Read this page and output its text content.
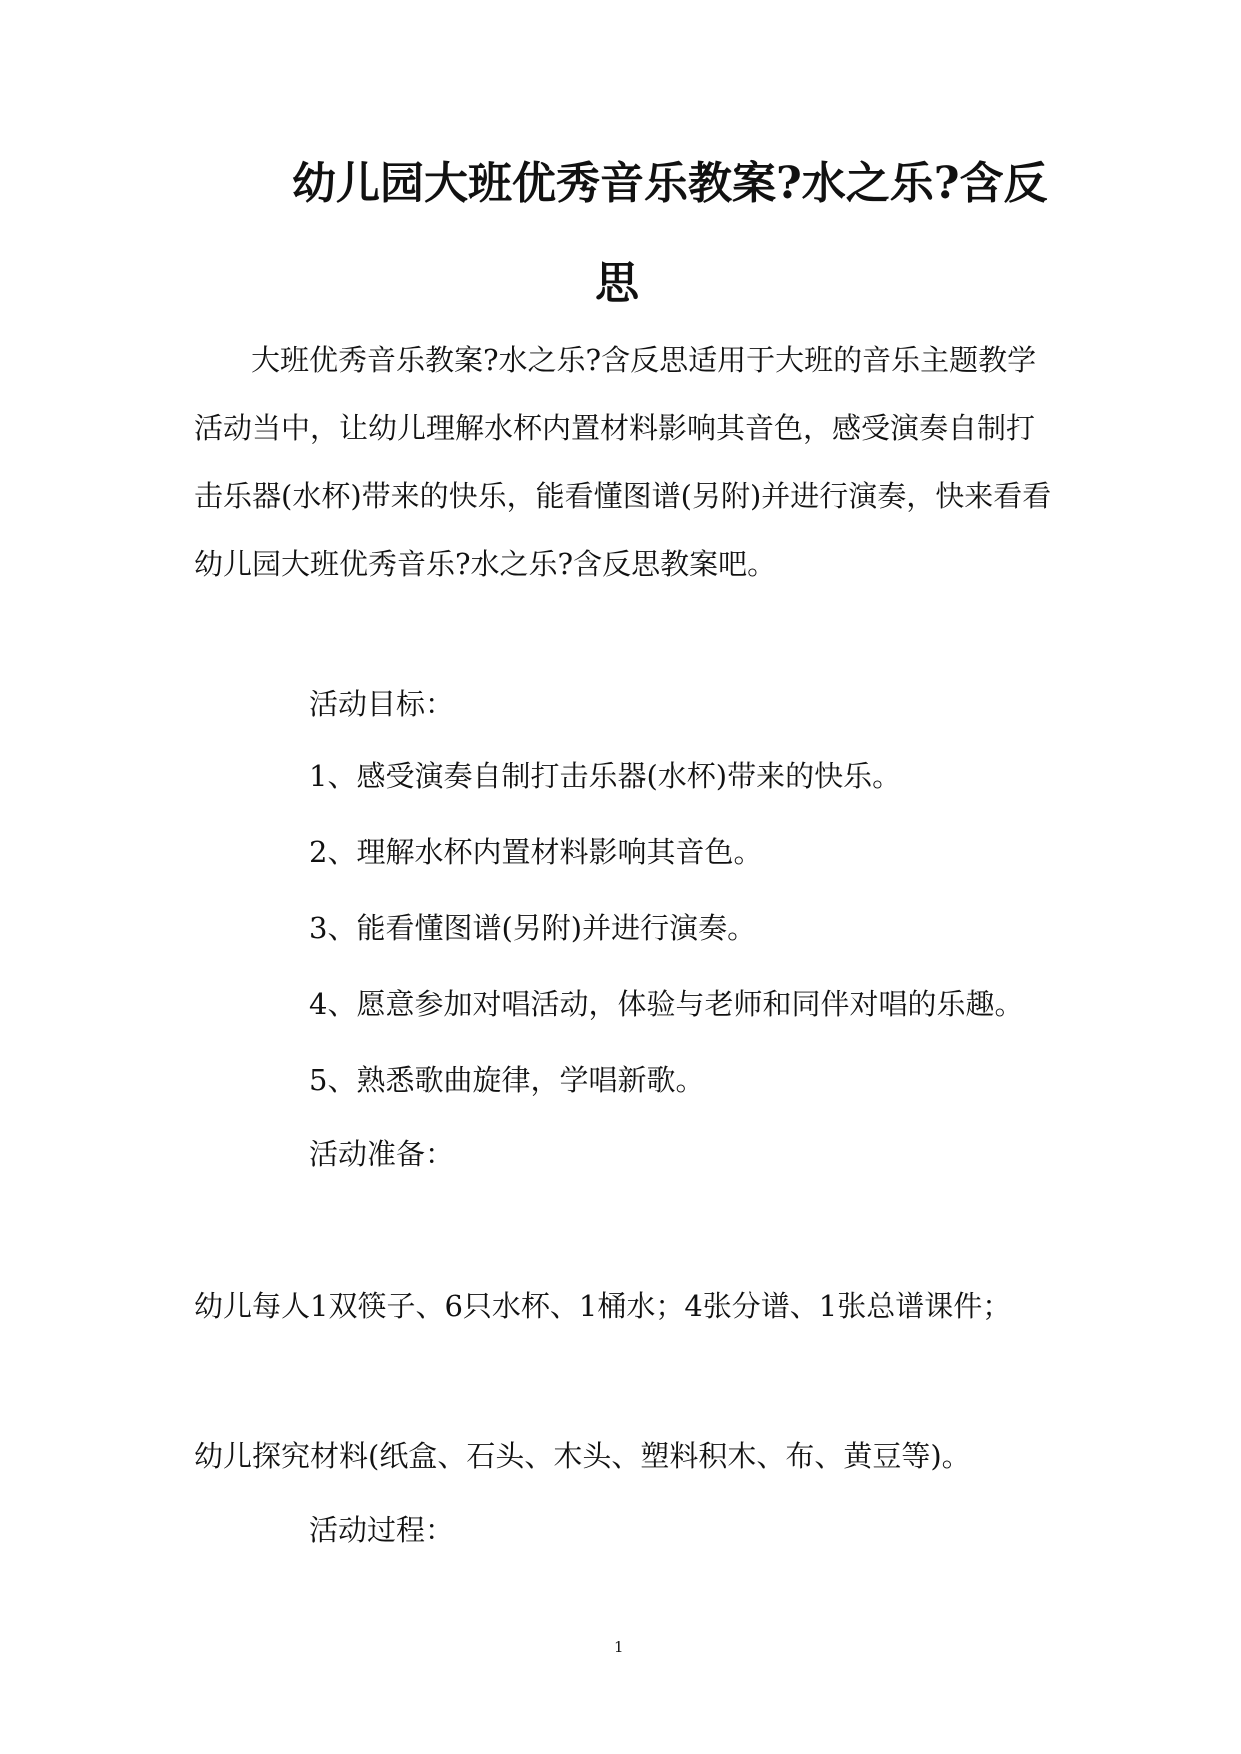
幼儿园大班优秀音乐教案?水之乐?含反
思
大班优秀音乐教案?水之乐?含反思适用于大班的音乐主题教学
活动当中，让幼儿理解水杯内置材料影响其音色，感受演奏自制打
击乐器(水杯)带来的快乐，能看懂图谱(另附)并进行演奏，快来看看
幼儿园大班优秀音乐?水之乐?含反思教案吧。
活动目标：
1、感受演奏自制打击乐器(水杯)带来的快乐。
2、理解水杯内置材料影响其音色。
3、能看懂图谱(另附)并进行演奏。
4、愿意参加对唱活动，体验与老师和同伴对唱的乐趣。
5、熟悉歌曲旋律，学唱新歌。
活动准备：
幼儿每人1双筷子、6只水杯、1桶水；4张分谱、1张总谱课件；
幼儿探究材料(纸盒、石头、木头、塑料积木、布、黄豆等)。
活动过程：
1
